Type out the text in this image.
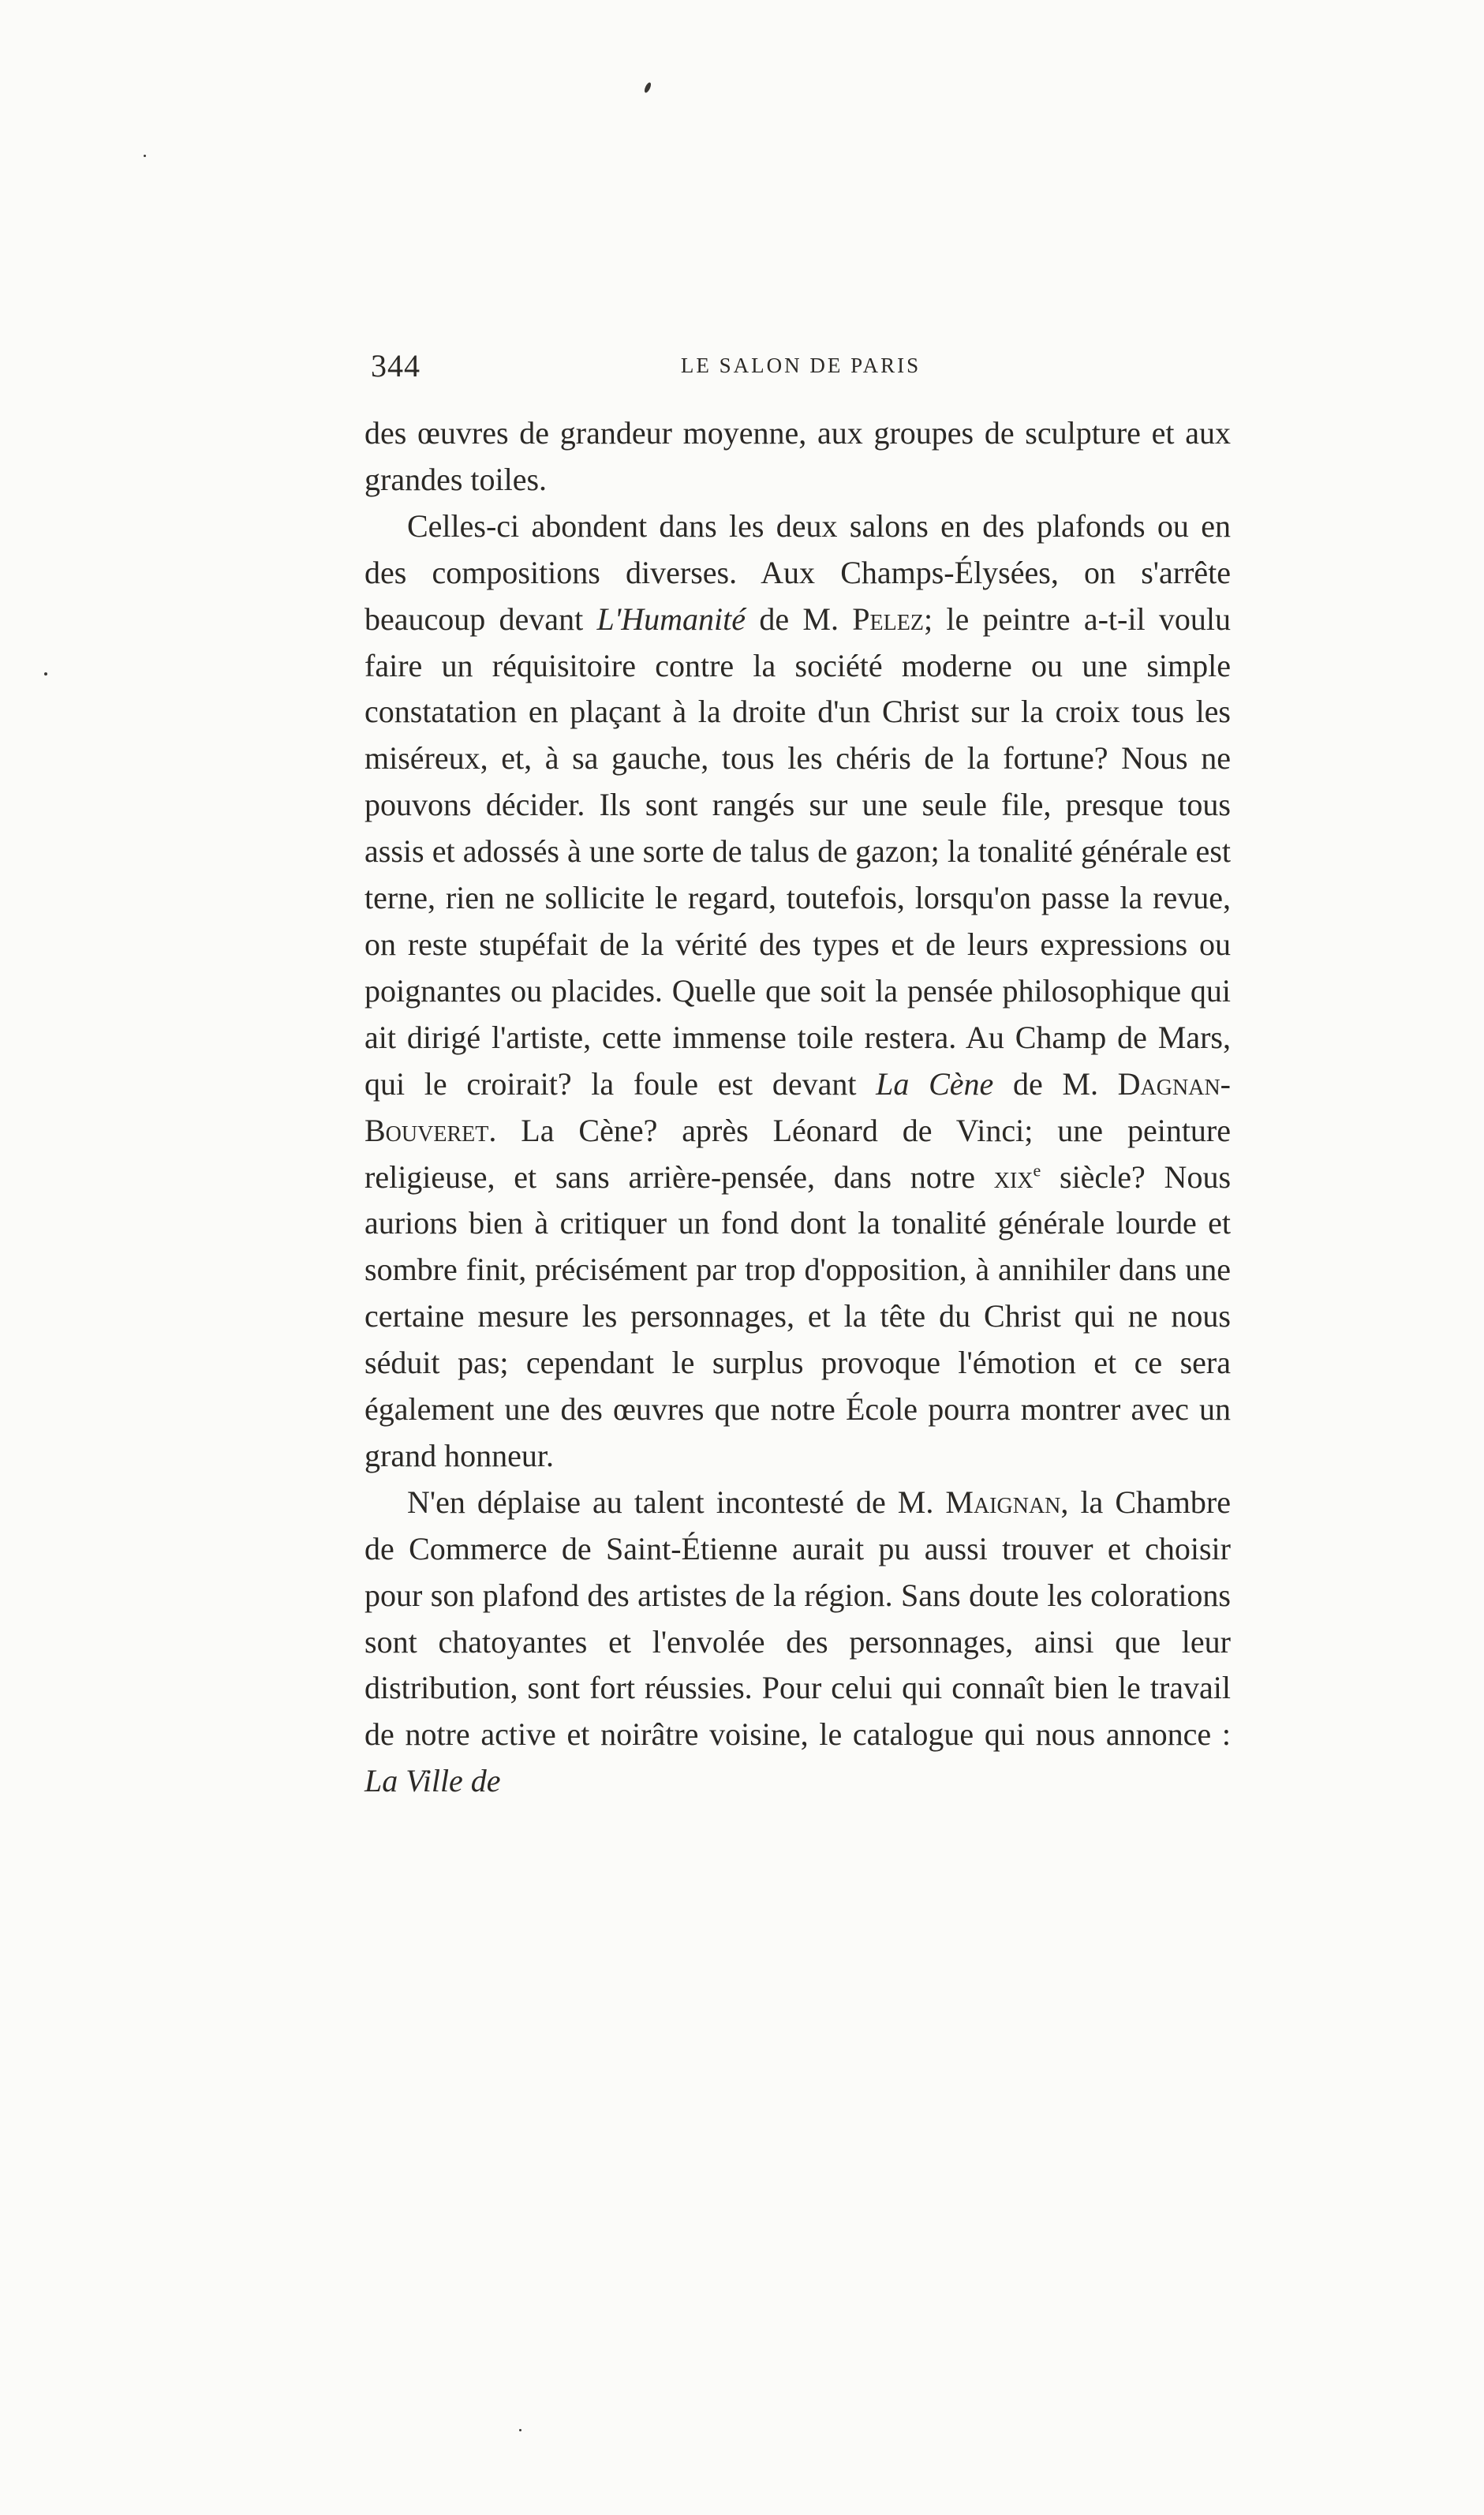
344	LE SALON DE PARIS

des œuvres de grandeur moyenne, aux groupes de sculpture et aux grandes toiles.

Celles-ci abondent dans les deux salons en des plafonds ou en des compositions diverses. Aux Champs-Élysées, on s'arrête beaucoup devant L'Humanité de M. Pelez; le peintre a-t-il voulu faire un réquisitoire contre la société moderne ou une simple constatation en plaçant à la droite d'un Christ sur la croix tous les miséreux, et, à sa gauche, tous les chéris de la fortune? Nous ne pouvons décider. Ils sont rangés sur une seule file, presque tous assis et adossés à une sorte de talus de gazon; la tonalité générale est terne, rien ne sollicite le regard, toutefois, lorsqu'on passe la revue, on reste stupéfait de la vérité des types et de leurs expressions ou poignantes ou placides. Quelle que soit la pensée philosophique qui ait dirigé l'artiste, cette immense toile restera. Au Champ de Mars, qui le croirait? la foule est devant La Cène de M. Dagnan-Bouveret. La Cène? après Léonard de Vinci; une peinture religieuse, et sans arrière-pensée, dans notre xix$^e$ siècle? Nous aurions bien à critiquer un fond dont la tonalité générale lourde et sombre finit, précisément par trop d'opposition, à annihiler dans une certaine mesure les personnages, et la tête du Christ qui ne nous séduit pas; cependant le surplus provoque l'émotion et ce sera également une des œuvres que notre École pourra montrer avec un grand honneur.

N'en déplaise au talent incontesté de M. Maignan, la Chambre de Commerce de Saint-Étienne aurait pu aussi trouver et choisir pour son plafond des artistes de la région. Sans doute les colorations sont chatoyantes et l'envolée des personnages, ainsi que leur distribution, sont fort réussies. Pour celui qui connaît bien le travail de notre active et noirâtre voisine, le catalogue qui nous annonce : La Ville de
